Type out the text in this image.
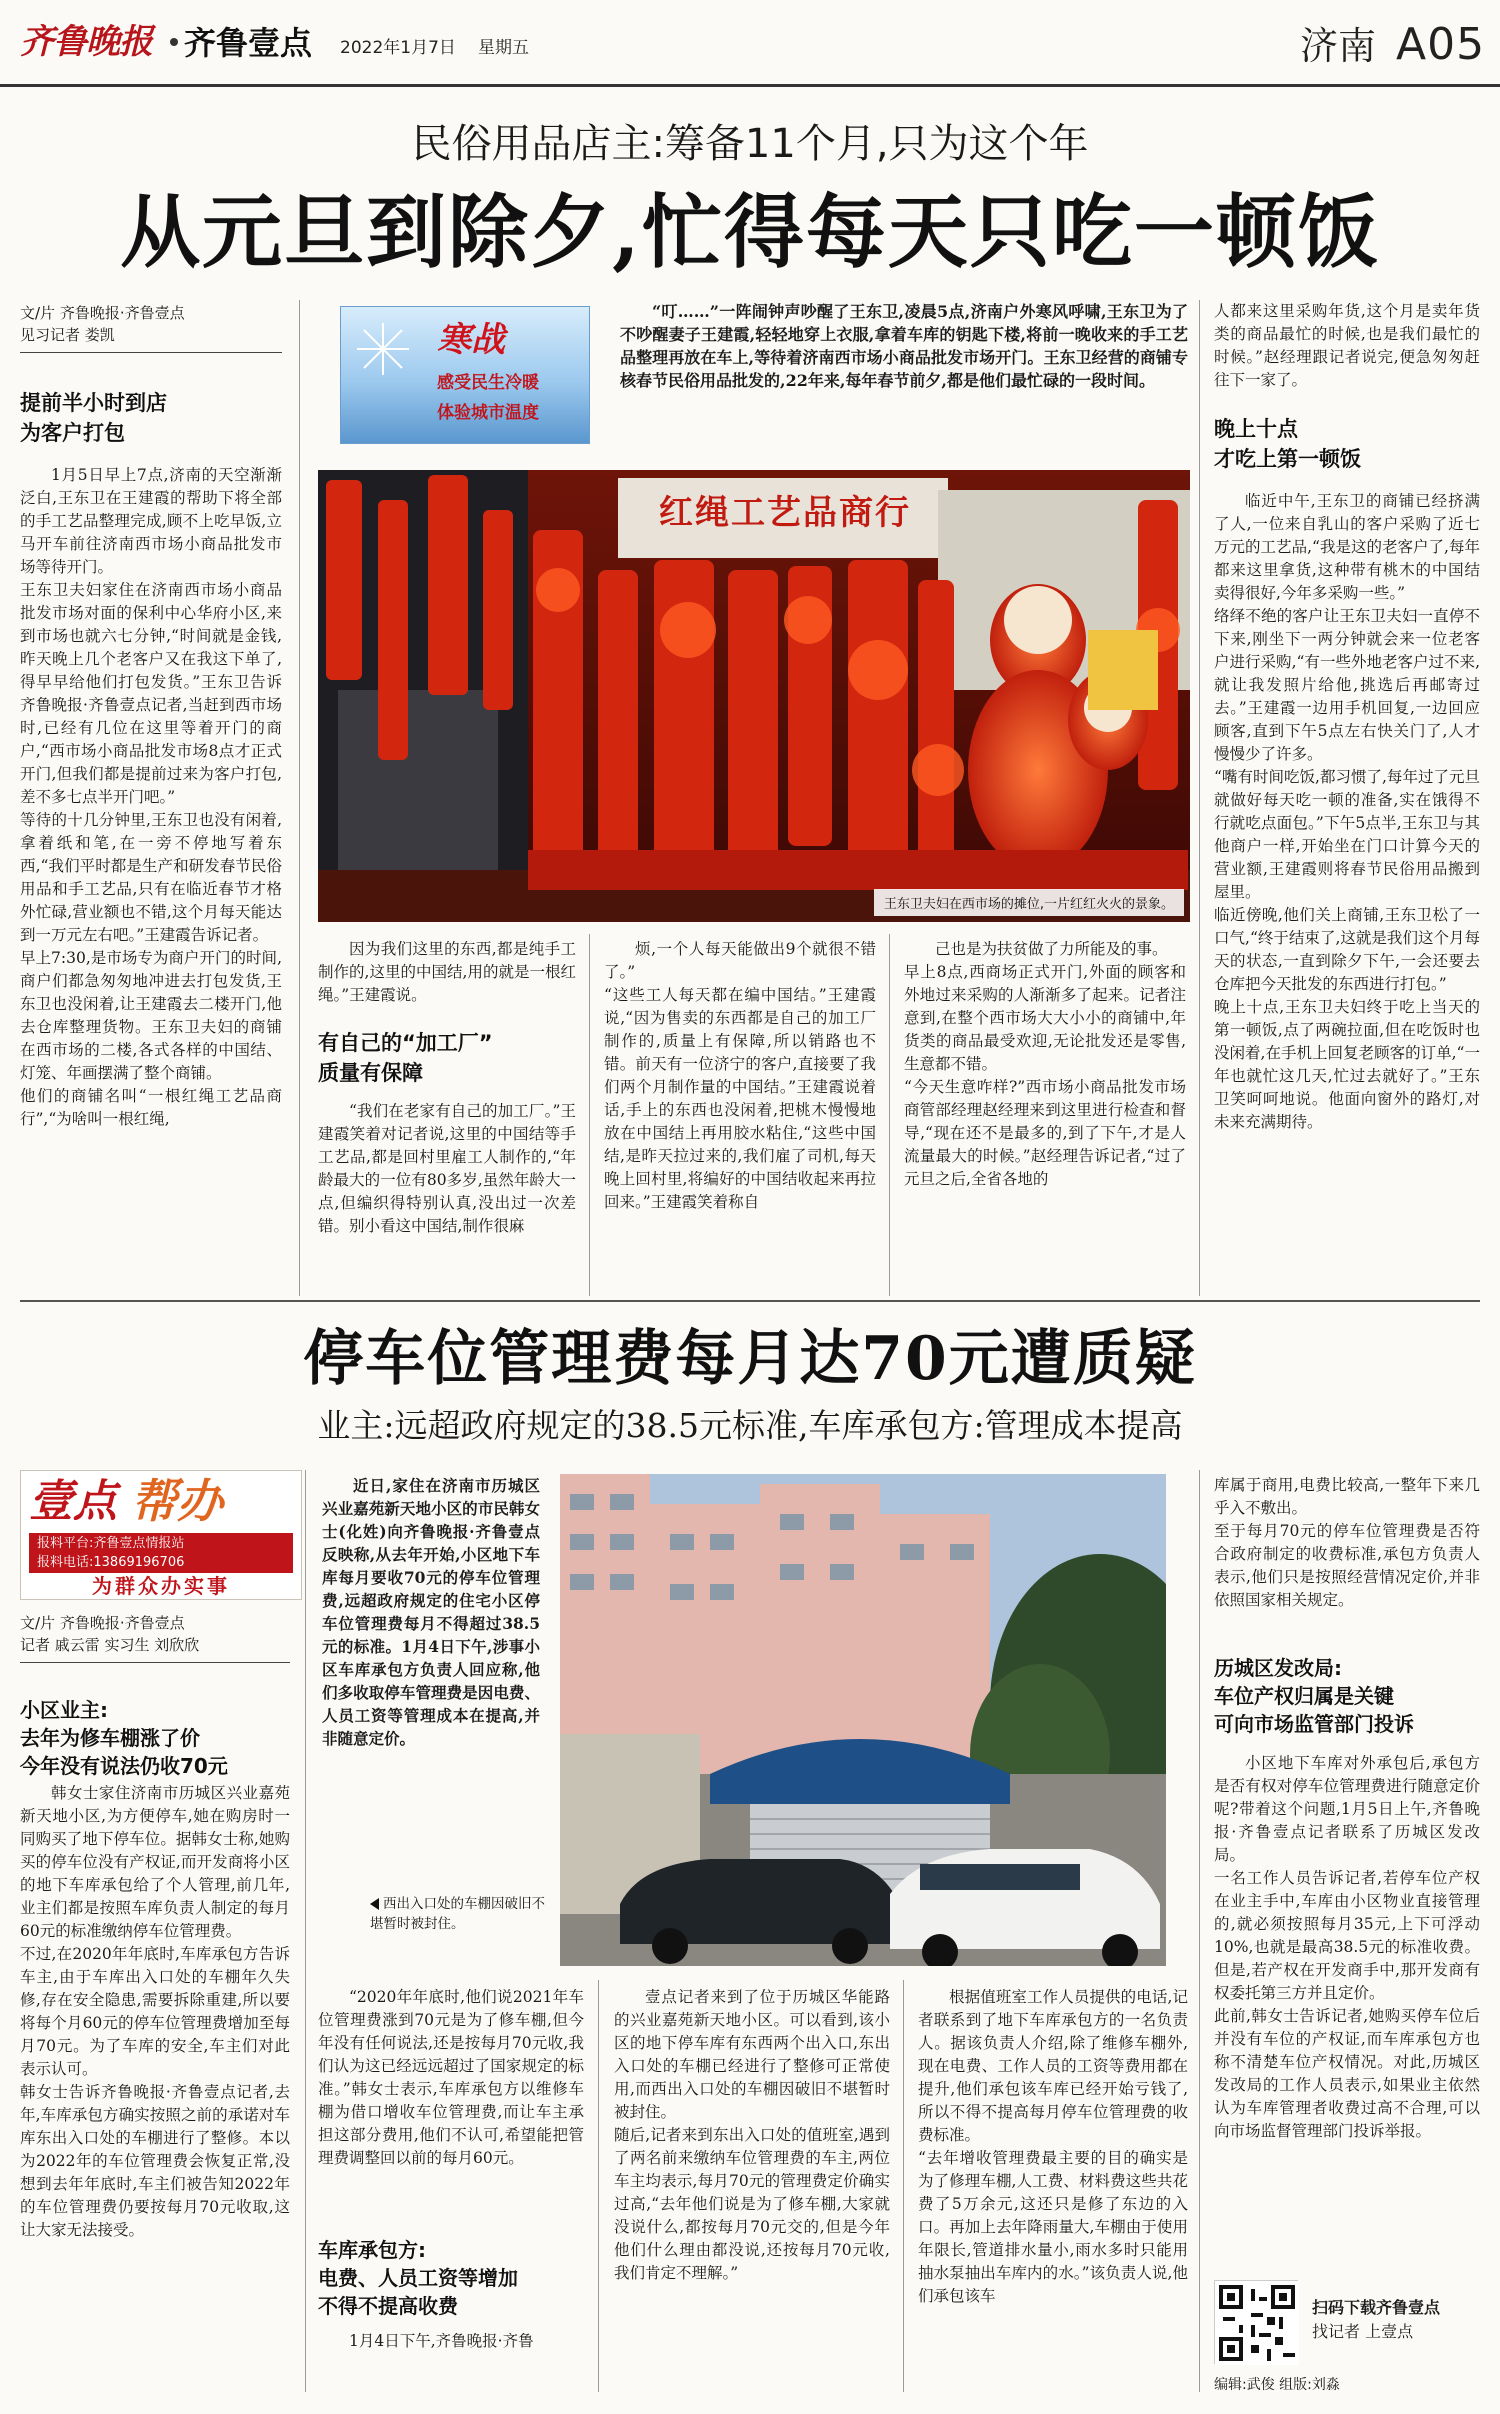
齐鲁晚报 齐鲁壹点 2022年1月7日 星期五	济南 A05
民俗用品店主:筹备11个月,只为这个年
从元旦到除夕,忙得每天只吃一顿饭
文/片 齐鲁晚报·齐鲁壹点
见习记者 娄凯
提前半小时到店
为客户打包
1月5日早上7点,济南的天空渐渐泛白,王东卫在王建霞的帮助下将全部的手工艺品整理完成,顾不上吃早饭,立马开车前往济南西市场小商品批发市场等待开门。
王东卫夫妇家住在济南西市场小商品批发市场对面的保利中心华府小区,来到市场也就六七分钟,“时间就是金钱,昨天晚上几个老客户又在我这下单了,得早早给他们打包发货。”王东卫告诉齐鲁晚报·齐鲁壹点记者,当赶到西市场时,已经有几位在这里等着开门的商户,“西市场小商品批发市场8点才正式开门,但我们都是提前过来为客户打包,差不多七点半开门吧。”
等待的十几分钟里,王东卫也没有闲着,拿着纸和笔,在一旁不停地写着东西,“我们平时都是生产和研发春节民俗用品和手工艺品,只有在临近春节才格外忙碌,营业额也不错,这个月每天能达到一万元左右吧。”王建霞告诉记者。
早上7:30,是市场专为商户开门的时间,商户们都急匆匆地冲进去打包发货,王东卫也没闲着,让王建霞去二楼开门,他去仓库整理货物。王东卫夫妇的商铺在西市场的二楼,各式各样的中国结、灯笼、年画摆满了整个商铺。
他们的商铺名叫“一根红绳工艺品商行”,“为啥叫一根红绳,
寒战
感受民生冷暖
体验城市温度
“叮……”一阵闹钟声吵醒了王东卫,凌晨5点,济南户外寒风呼啸,王东卫为了不吵醒妻子王建霞,轻轻地穿上衣服,拿着车库的钥匙下楼,将前一晚收来的手工艺品整理再放在车上,等待着济南西市场小商品批发市场开门。王东卫经营的商铺专核春节民俗用品批发的,22年来,每年春节前夕,都是他们最忙碌的一段时间。
红绳工艺品商行
王东卫夫妇在西市场的摊位,一片红红火火的景象。
因为我们这里的东西,都是纯手工制作的,这里的中国结,用的就是一根红绳。”王建霞说。
有自己的“加工厂”
质量有保障
“我们在老家有自己的加工厂。”王建霞笑着对记者说,这里的中国结等手工艺品,都是回村里雇工人制作的,“年龄最大的一位有80多岁,虽然年龄大一点,但编织得特别认真,没出过一次差错。别小看这中国结,制作很麻
烦,一个人每天能做出9个就很不错了。”
“这些工人每天都在编中国结。”王建霞说,“因为售卖的东西都是自己的加工厂制作的,质量上有保障,所以销路也不错。前天有一位济宁的客户,直接要了我们两个月制作量的中国结。”王建霞说着话,手上的东西也没闲着,把桃木慢慢地放在中国结上再用胶水粘住,“这些中国结,是昨天拉过来的,我们雇了司机,每天晚上回村里,将编好的中国结收起来再拉回来。”王建霞笑着称自
己也是为扶贫做了力所能及的事。
早上8点,西商场正式开门,外面的顾客和外地过来采购的人渐渐多了起来。记者注意到,在整个西市场大大小小的商铺中,年货类的商品最受欢迎,无论批发还是零售,生意都不错。
“今天生意咋样?”西市场小商品批发市场商管部经理赵经理来到这里进行检查和督导,“现在还不是最多的,到了下午,才是人流量最大的时候。”赵经理告诉记者,“过了元旦之后,全省各地的
人都来这里采购年货,这个月是卖年货类的商品最忙的时候,也是我们最忙的时候。”赵经理跟记者说完,便急匆匆赶往下一家了。
晚上十点
才吃上第一顿饭
临近中午,王东卫的商铺已经挤满了人,一位来自乳山的客户采购了近七万元的工艺品,“我是这的老客户了,每年都来这里拿货,这种带有桃木的中国结卖得很好,今年多采购一些。”
络绎不绝的客户让王东卫夫妇一直停不下来,刚坐下一两分钟就会来一位老客户进行采购,“有一些外地老客户过不来,就让我发照片给他,挑选后再邮寄过去。”王建霞一边用手机回复,一边回应顾客,直到下午5点左右快关门了,人才慢慢少了许多。
“嘴有时间吃饭,都习惯了,每年过了元旦就做好每天吃一顿的准备,实在饿得不行就吃点面包。”下午5点半,王东卫与其他商户一样,开始坐在门口计算今天的营业额,王建霞则将春节民俗用品搬到屋里。
临近傍晚,他们关上商铺,王东卫松了一口气,“终于结束了,这就是我们这个月每天的状态,一直到除夕下午,一会还要去仓库把今天批发的东西进行打包。”
晚上十点,王东卫夫妇终于吃上当天的第一顿饭,点了两碗拉面,但在吃饭时也没闲着,在手机上回复老顾客的订单,“一年也就忙这几天,忙过去就好了。”王东卫笑呵呵地说。他面向窗外的路灯,对未来充满期待。
停车位管理费每月达70元遭质疑
业主:远超政府规定的38.5元标准,车库承包方:管理成本提高
壹点 帮办
报料平台:齐鲁壹点情报站
报料电话:13869196706
为群众办实事
文/片 齐鲁晚报·齐鲁壹点
记者 戚云雷 实习生 刘欣欣
小区业主:
去年为修车棚涨了价
今年没有说法仍收70元
韩女士家住济南市历城区兴业嘉苑新天地小区,为方便停车,她在购房时一同购买了地下停车位。据韩女士称,她购买的停车位没有产权证,而开发商将小区的地下车库承包给了个人管理,前几年,业主们都是按照车库负责人制定的每月60元的标准缴纳停车位管理费。
不过,在2020年年底时,车库承包方告诉车主,由于车库出入口处的车棚年久失修,存在安全隐患,需要拆除重建,所以要将每个月60元的停车位管理费增加至每月70元。为了车库的安全,车主们对此表示认可。
韩女士告诉齐鲁晚报·齐鲁壹点记者,去年,车库承包方确实按照之前的承诺对车库东出入口处的车棚进行了整修。本以为2022年的车位管理费会恢复正常,没想到去年年底时,车主们被告知2022年的车位管理费仍要按每月70元收取,这让大家无法接受。
近日,家住在济南市历城区兴业嘉苑新天地小区的市民韩女士(化姓)向齐鲁晚报·齐鲁壹点反映称,从去年开始,小区地下车库每月要收70元的停车位管理费,远超政府规定的住宅小区停车位管理费每月不得超过38.5元的标准。1月4日下午,涉事小区车库承包方负责人回应称,他们多收取停车管理费是因电费、人员工资等管理成本在提高,并非随意定价。
西出入口处的车棚因破旧不堪暂时被封住。
“2020年年底时,他们说2021年车位管理费涨到70元是为了修车棚,但今年没有任何说法,还是按每月70元收,我们认为这已经远远超过了国家规定的标准。”韩女士表示,车库承包方以维修车棚为借口增收车位管理费,而让车主承担这部分费用,他们不认可,希望能把管理费调整回以前的每月60元。
车库承包方:
电费、人员工资等增加
不得不提高收费
1月4日下午,齐鲁晚报·齐鲁
壹点记者来到了位于历城区华能路的兴业嘉苑新天地小区。可以看到,该小区的地下停车库有东西两个出入口,东出入口处的车棚已经进行了整修可正常使用,而西出入口处的车棚因破旧不堪暂时被封住。
随后,记者来到东出入口处的值班室,遇到了两名前来缴纳车位管理费的车主,两位车主均表示,每月70元的管理费定价确实过高,“去年他们说是为了修车棚,大家就没说什么,都按每月70元交的,但是今年他们什么理由都没说,还按每月70元收,我们肯定不理解。”
根据值班室工作人员提供的电话,记者联系到了地下车库承包方的一名负责人。据该负责人介绍,除了维修车棚外,现在电费、工作人员的工资等费用都在提升,他们承包该车库已经开始亏钱了,所以不得不提高每月停车位管理费的收费标准。
“去年增收管理费最主要的目的确实是为了修理车棚,人工费、材料费这些共花费了5万余元,这还只是修了东边的入口。再加上去年降雨量大,车棚由于使用年限长,管道排水量小,雨水多时只能用抽水泵抽出车库内的水。”该负责人说,他们承包该车
库属于商用,电费比较高,一整年下来几乎入不敷出。
至于每月70元的停车位管理费是否符合政府制定的收费标准,承包方负责人表示,他们只是按照经营情况定价,并非依照国家相关规定。
历城区发改局:
车位产权归属是关键
可向市场监管部门投诉
小区地下车库对外承包后,承包方是否有权对停车位管理费进行随意定价呢?带着这个问题,1月5日上午,齐鲁晚报·齐鲁壹点记者联系了历城区发改局。
一名工作人员告诉记者,若停车位产权在业主手中,车库由小区物业直接管理的,就必须按照每月35元,上下可浮动10%,也就是最高38.5元的标准收费。但是,若产权在开发商手中,那开发商有权委托第三方并且定价。
此前,韩女士告诉记者,她购买停车位后并没有车位的产权证,而车库承包方也称不清楚车位产权情况。对此,历城区发改局的工作人员表示,如果业主依然认为车库管理者收费过高不合理,可以向市场监督管理部门投诉举报。
扫码下载齐鲁壹点
找记者 上壹点
编辑:武俊 组版:刘淼
